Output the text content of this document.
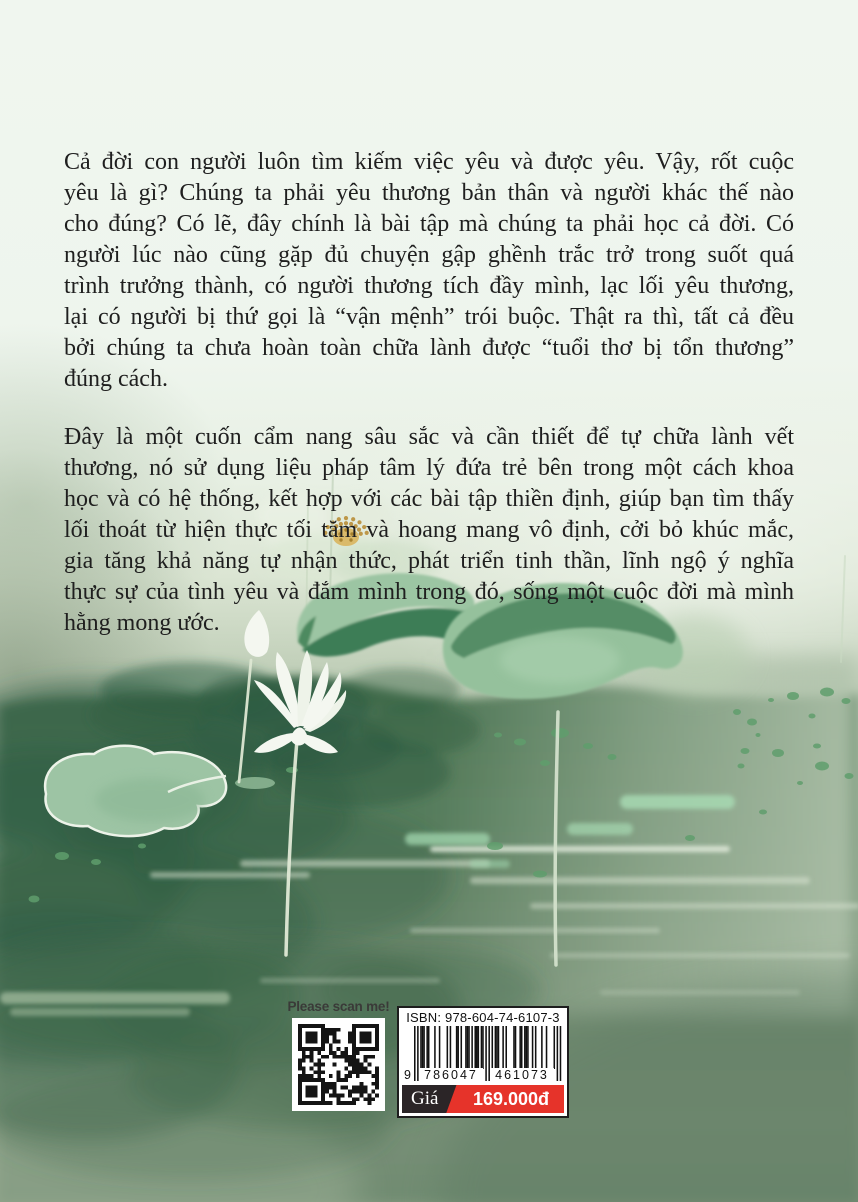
Cả đời con người luôn tìm kiếm việc yêu và được yêu. Vậy, rốt cuộc
yêu là gì? Chúng ta phải yêu thương bản thân và người khác thế nào
cho đúng? Có lẽ, đây chính là bài tập mà chúng ta phải học cả đời. Có
người lúc nào cũng gặp đủ chuyện gập ghềnh trắc trở trong suốt quá
trình trưởng thành, có người thương tích đầy mình, lạc lối yêu thương,
lại có người bị thứ gọi là “vận mệnh” trói buộc. Thật ra thì, tất cả đều
bởi chúng ta chưa hoàn toàn chữa lành được “tuổi thơ bị tổn thương”
đúng cách.
Đây là một cuốn cẩm nang sâu sắc và cần thiết để tự chữa lành vết
thương, nó sử dụng liệu pháp tâm lý đứa trẻ bên trong một cách khoa
học và có hệ thống, kết hợp với các bài tập thiền định, giúp bạn tìm thấy
lối thoát từ hiện thực tối tăm và hoang mang vô định, cởi bỏ khúc mắc,
gia tăng khả năng tự nhận thức, phát triển tinh thần, lĩnh ngộ ý nghĩa
thực sự của tình yêu và đắm mình trong đó, sống một cuộc đời mà mình
hằng mong ước.
Please scan me!
ISBN: 978-604-74-6107-3
9	786047	461073
Giá	169.000đ
